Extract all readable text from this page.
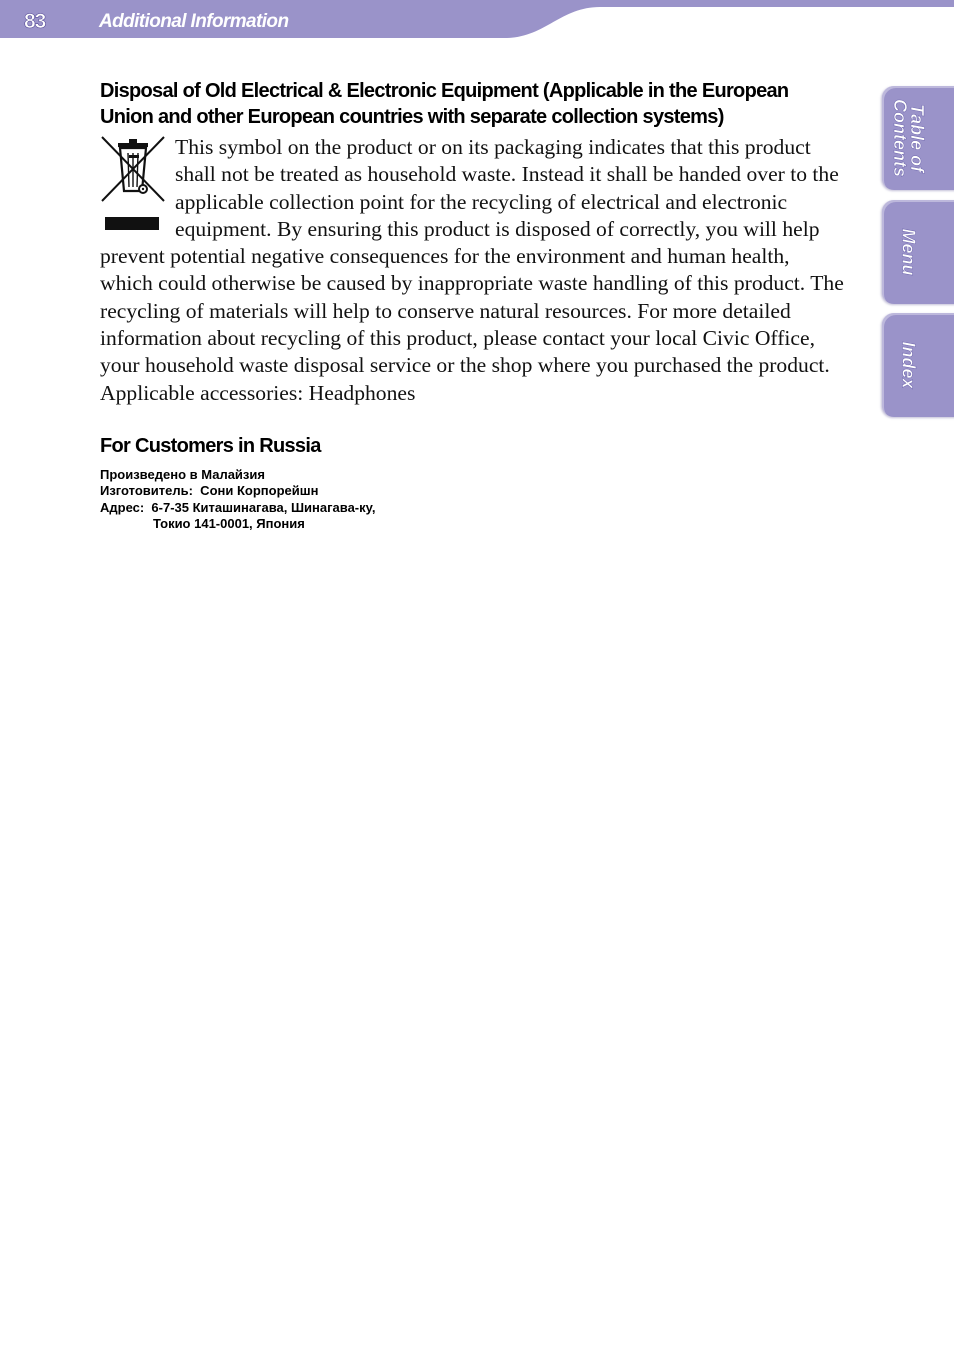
83	Additional Information
Table of
Contents
Menu
Index
Disposal of Old Electrical & Electronic Equipment (Applicable in the European Union and other European countries with separate collection systems)

This symbol on the product or on its packaging indicates that this product shall not be treated as household waste. Instead it shall be handed over to the applicable collection point for the recycling of electrical and electronic equipment. By ensuring this product is disposed of correctly, you will help prevent potential negative consequences for the environment and human health, which could otherwise be caused by inappropriate waste handling of this product. The recycling of materials will help to conserve natural resources. For more detailed information about recycling of this product, please contact your local Civic Office, your household waste disposal service or the shop where you purchased the product.

Applicable accessories: Headphones

For Customers in Russia

Произведено в Малайзия

Изготовитель:  Сони Корпорейшн

Адрес:  6-7-35 Киташинагава, Шинагава-ку,

Токио 141-0001, Япония
